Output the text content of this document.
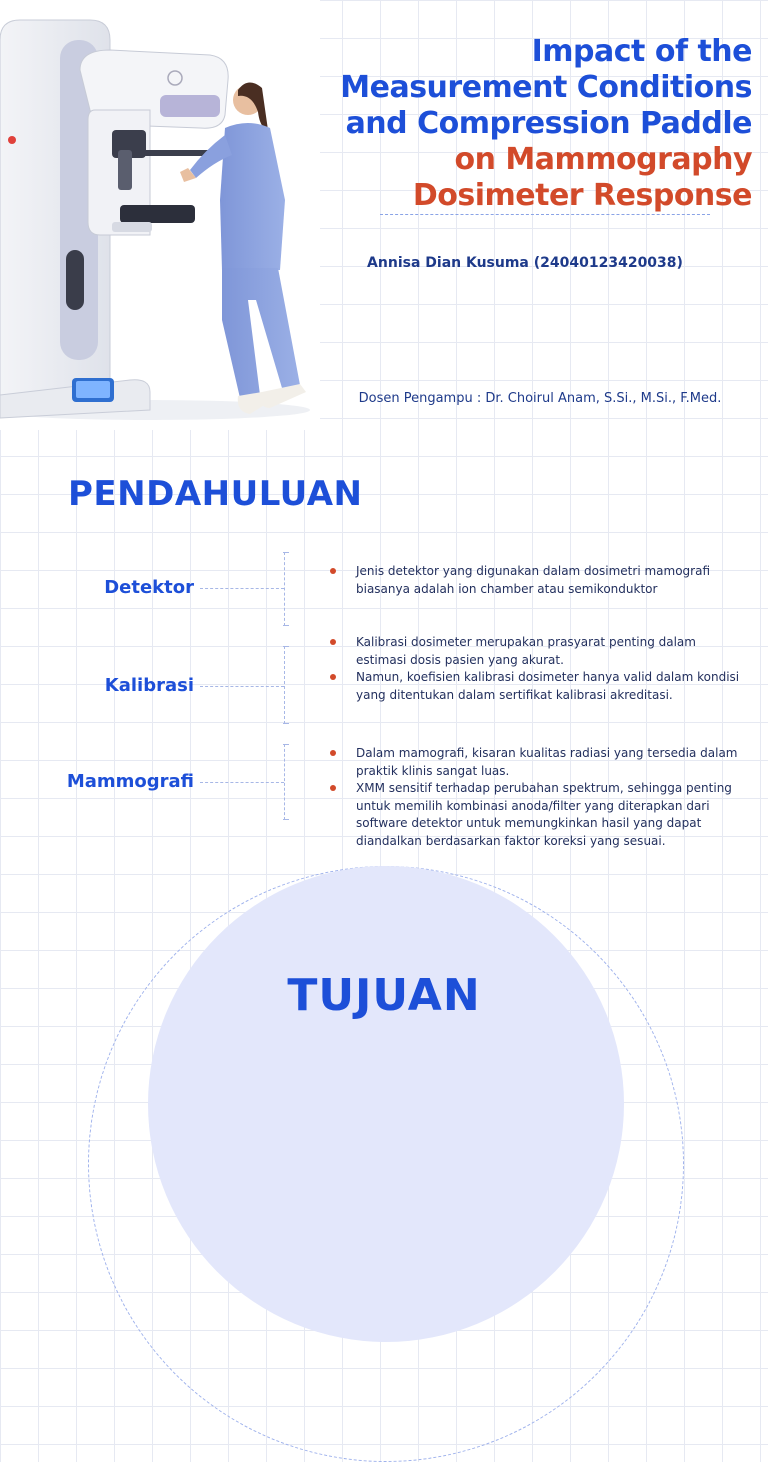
Impact of the
Measurement Conditions
and Compression Paddle
on Mammography
Dosimeter Response
Annisa Dian Kusuma (24040123420038)
Dosen Pengampu : Dr. Choirul Anam, S.Si., M.Si., F.Med.
PENDAHULUAN
Detektor
Jenis detektor yang digunakan dalam dosimetri mamografi biasanya adalah ion chamber atau semikonduktor
Kalibrasi
Kalibrasi dosimeter merupakan prasyarat penting dalam estimasi dosis pasien yang akurat.
Namun, koefisien kalibrasi dosimeter hanya valid dalam kondisi yang ditentukan dalam sertifikat kalibrasi akreditasi.
Mammografi
Dalam mamografi, kisaran kualitas radiasi yang tersedia dalam praktik klinis sangat luas.
XMM sensitif terhadap perubahan spektrum, sehingga penting untuk memilih kombinasi anoda/filter yang diterapkan dari software detektor untuk memungkinkan hasil yang dapat diandalkan berdasarkan faktor koreksi yang sesuai.
TUJUAN
